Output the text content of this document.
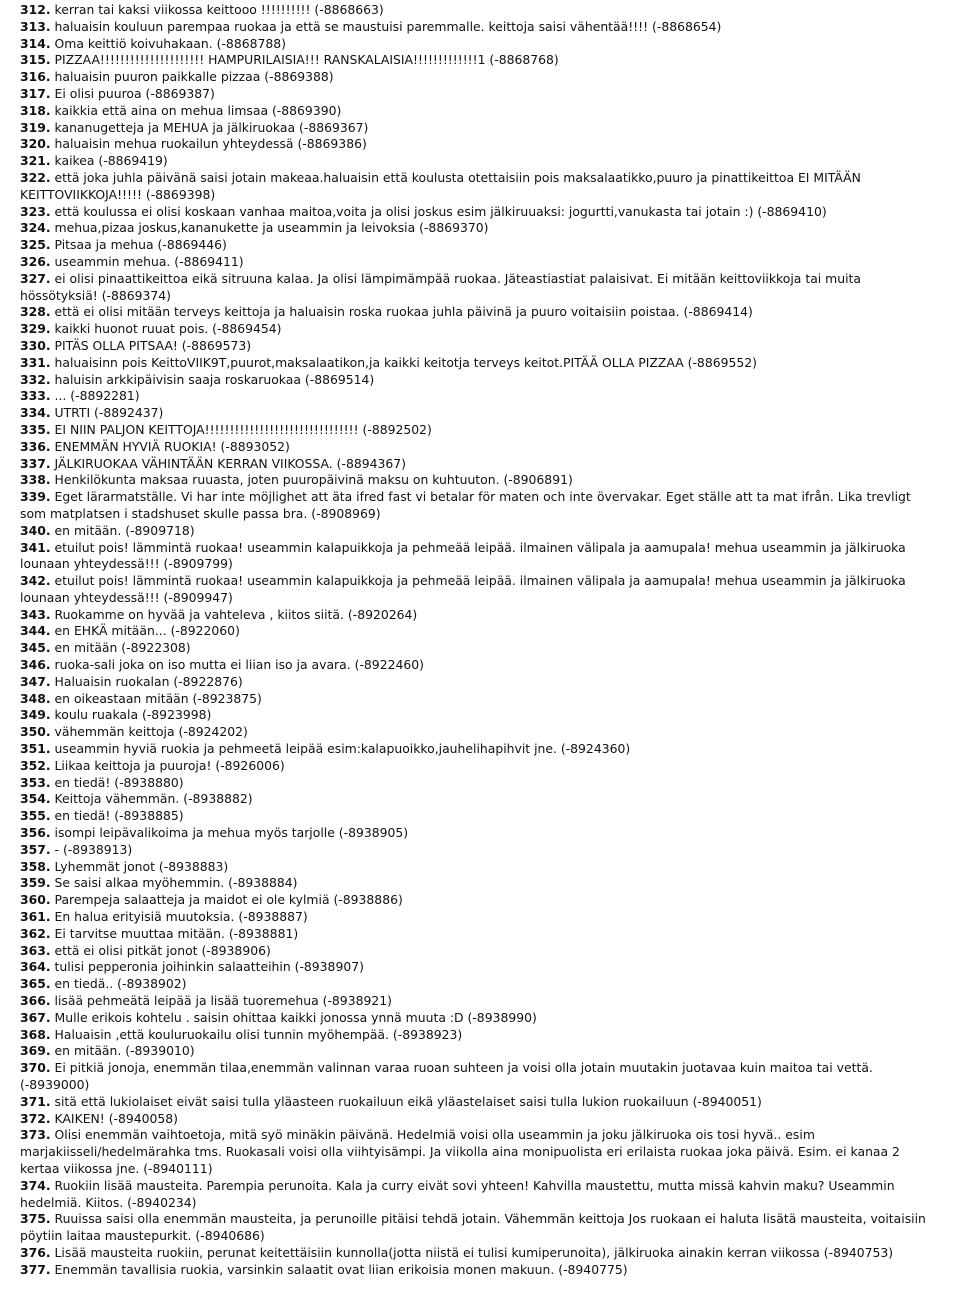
312. kerran tai kaksi viikossa keittooo !!!!!!!!!! (-8868663)

313. haluaisin kouluun parempaa ruokaa ja että se maustuisi paremmalle. keittoja saisi vähentää!!!! (-8868654)

314. Oma keittiö koivuhakaan. (-8868788)

315. PIZZAA!!!!!!!!!!!!!!!!!!!!! HAMPURILAISIA!!! RANSKALAISIA!!!!!!!!!!!!!1 (-8868768)

316. haluaisin puuron paikkalle pizzaa (-8869388)

317. Ei olisi puuroa (-8869387)

318. kaikkia että aina on mehua limsaa (-8869390)

319. kananugetteja ja MEHUA ja jälkiruokaa (-8869367)

320. haluaisin mehua ruokailun yhteydessä (-8869386)

321. kaikea (-8869419)

322. että joka juhla päivänä saisi jotain makeaa.haluaisin että koulusta otettaisiin pois maksalaatikko,puuro ja pinattikeittoa EI MITÄÄN KEITTOVIIKKOJA!!!!! (-8869398)

323. että koulussa ei olisi koskaan vanhaa maitoa,voita ja olisi joskus esim jälkiruuaksi: jogurtti,vanukasta tai jotain :) (-8869410)

324. mehua,pizaa joskus,kananukette ja useammin ja leivoksia (-8869370)

325. Pitsaa ja mehua (-8869446)

326. useammin mehua. (-8869411)

327. ei olisi pinaattikeittoa eikä sitruuna kalaa. Ja olisi lämpimämpää ruokaa. Jäteastiastiat palaisivat. Ei mitään keittoviikkoja tai muita hössötyksiä! (-8869374)

328. että ei olisi mitään terveys keittoja ja haluaisin roska ruokaa juhla päivinä ja puuro voitaisiin poistaa. (-8869414)

329. kaikki huonot ruuat pois. (-8869454)

330. PITÄS OLLA PITSAA! (-8869573)

331. haluaisinn pois KeittoVIIK9T,puurot,maksalaatikon,ja kaikki keitotja terveys keitot.PITÄÄ OLLA PIZZAA (-8869552)

332. haluisin arkkipäivisin saaja roskaruokaa (-8869514)

333. ... (-8892281)

334. UTRTI (-8892437)

335. EI NIIN PALJON KEITTOJA!!!!!!!!!!!!!!!!!!!!!!!!!!!!!!! (-8892502)

336. ENEMMÄN HYVIÄ RUOKIA! (-8893052)

337. JÄLKIRUOKAA VÄHINTÄÄN KERRAN VIIKOSSA. (-8894367)

338. Henkilökunta maksaa ruuasta, joten puuropäivinä maksu on kuhtuuton. (-8906891)

339. Eget lärarmatställe. Vi har inte möjlighet att äta ifred fast vi betalar för maten och inte övervakar. Eget ställe att ta mat ifrån. Lika trevligt som matplatsen i stadshuset skulle passa bra. (-8908969)

340. en mitään. (-8909718)

341. etuilut pois! lämmintä ruokaa! useammin kalapuikkoja ja pehmeää leipää. ilmainen välipala ja aamupala! mehua useammin ja jälkiruoka lounaan yhteydessä!!! (-8909799)

342. etuilut pois! lämmintä ruokaa! useammin kalapuikkoja ja pehmeää leipää. ilmainen välipala ja aamupala! mehua useammin ja jälkiruoka lounaan yhteydessä!!! (-8909947)

343. Ruokamme on hyvää ja vahteleva , kiitos siitä. (-8920264)

344. en EHKÄ mitään... (-8922060)

345. en mitään (-8922308)

346. ruoka-sali joka on iso mutta ei liian iso ja avara. (-8922460)

347. Haluaisin ruokalan (-8922876)

348. en oikeastaan mitään (-8923875)

349. koulu ruakala (-8923998)

350. vähemmän keittoja (-8924202)

351. useammin hyviä ruokia ja pehmeetä leipää esim:kalapuoikko,jauhelihapihvit jne. (-8924360)

352. Liikaa keittoja ja puuroja! (-8926006)

353. en tiedä! (-8938880)

354. Keittoja vähemmän. (-8938882)

355. en tiedä! (-8938885)

356. isompi leipävalikoima ja mehua myös tarjolle (-8938905)

357. - (-8938913)

358. Lyhemmät jonot (-8938883)

359. Se saisi alkaa myöhemmin. (-8938884)

360. Parempeja salaatteja ja maidot ei ole kylmiä (-8938886)

361. En halua erityisiä muutoksia. (-8938887)

362. Ei tarvitse muuttaa mitään. (-8938881)

363. että ei olisi pitkät jonot (-8938906)

364. tulisi pepperonia joihinkin salaatteihin (-8938907)

365. en tiedä.. (-8938902)

366. lisää pehmeätä leipää ja lisää tuoremehua (-8938921)

367. Mulle erikois kohtelu . saisin ohittaa kaikki jonossa ynnä muuta :D (-8938990)

368. Haluaisin ,että kouluruokailu olisi tunnin myöhempää. (-8938923)

369. en mitään. (-8939010)

370. Ei pitkiä jonoja, enemmän tilaa,enemmän valinnan varaa ruoan suhteen ja voisi olla jotain muutakin juotavaa kuin maitoa tai vettä. (-8939000)

371. sitä että lukiolaiset eivät saisi tulla yläasteen ruokailuun eikä yläastelaiset saisi tulla lukion ruokailuun (-8940051)

372. KAIKEN! (-8940058)

373. Olisi enemmän vaihtoetoja, mitä syö minäkin päivänä. Hedelmiä voisi olla useammin ja joku jälkiruoka ois tosi hyvä.. esim marjakiisseli/hedelmärahka tms. Ruokasali voisi olla viihtyisämpi. Ja viikolla aina monipuolista eri erilaista ruokaa joka päivä. Esim. ei kanaa 2 kertaa viikossa jne. (-8940111)

374. Ruokiin lisää mausteita. Parempia perunoita. Kala ja curry eivät sovi yhteen! Kahvilla maustettu, mutta missä kahvin maku? Useammin hedelmiä. Kiitos. (-8940234)

375. Ruuissa saisi olla enemmän mausteita, ja perunoille pitäisi tehdä jotain. Vähemmän keittoja Jos ruokaan ei haluta lisätä mausteita, voitaisiin pöytiin laitaa maustepurkit. (-8940686)

376. Lisää mausteita ruokiin, perunat keitettäisiin kunnolla(jotta niistä ei tulisi kumiperunoita), jälkiruoka ainakin kerran viikossa (-8940753)

377. Enemmän tavallisia ruokia, varsinkin salaatit ovat liian erikoisia monen makuun. (-8940775)
